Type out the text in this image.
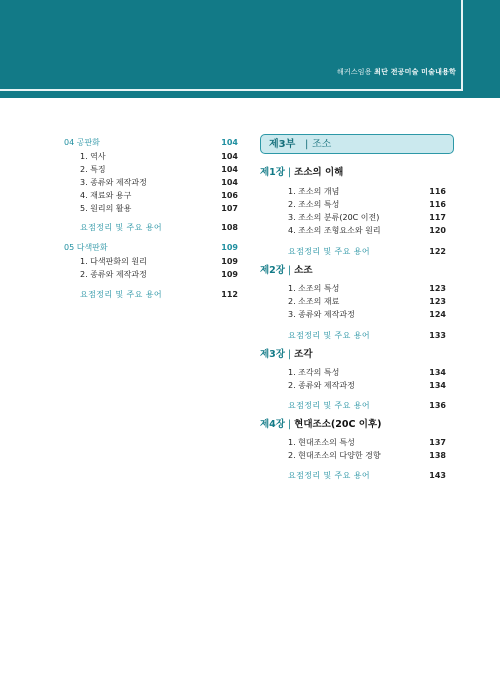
해커스임용 최단 전공미술 미술내용학
04 공판화	104
1. 역사	104
2. 특징	104
3. 종류와 제작과정	104
4. 재료와 용구	106
5. 원리의 활용	107
요점정리 및 주요 용어	108
05 다색판화	109
1. 다색판화의 원리	109
2. 종류와 제작과정	109
요점정리 및 주요 용어	112
제3부 | 조소
제1장 | 조소의 이해
1. 조소의 개념	116
2. 조소의 특성	116
3. 조소의 분류(20C 이전)	117
4. 조소의 조형요소와 원리	120
요점정리 및 주요 용어	122
제2장 | 소조
1. 소조의 특성	123
2. 소조의 재료	123
3. 종류와 제작과정	124
요점정리 및 주요 용어	133
제3장 | 조각
1. 조각의 특성	134
2. 종류와 제작과정	134
요점정리 및 주요 용어	136
제4장 | 현대조소(20C 이후)
1. 현대조소의 특성	137
2. 현대조소의 다양한 경향	138
요점정리 및 주요 용어	143
